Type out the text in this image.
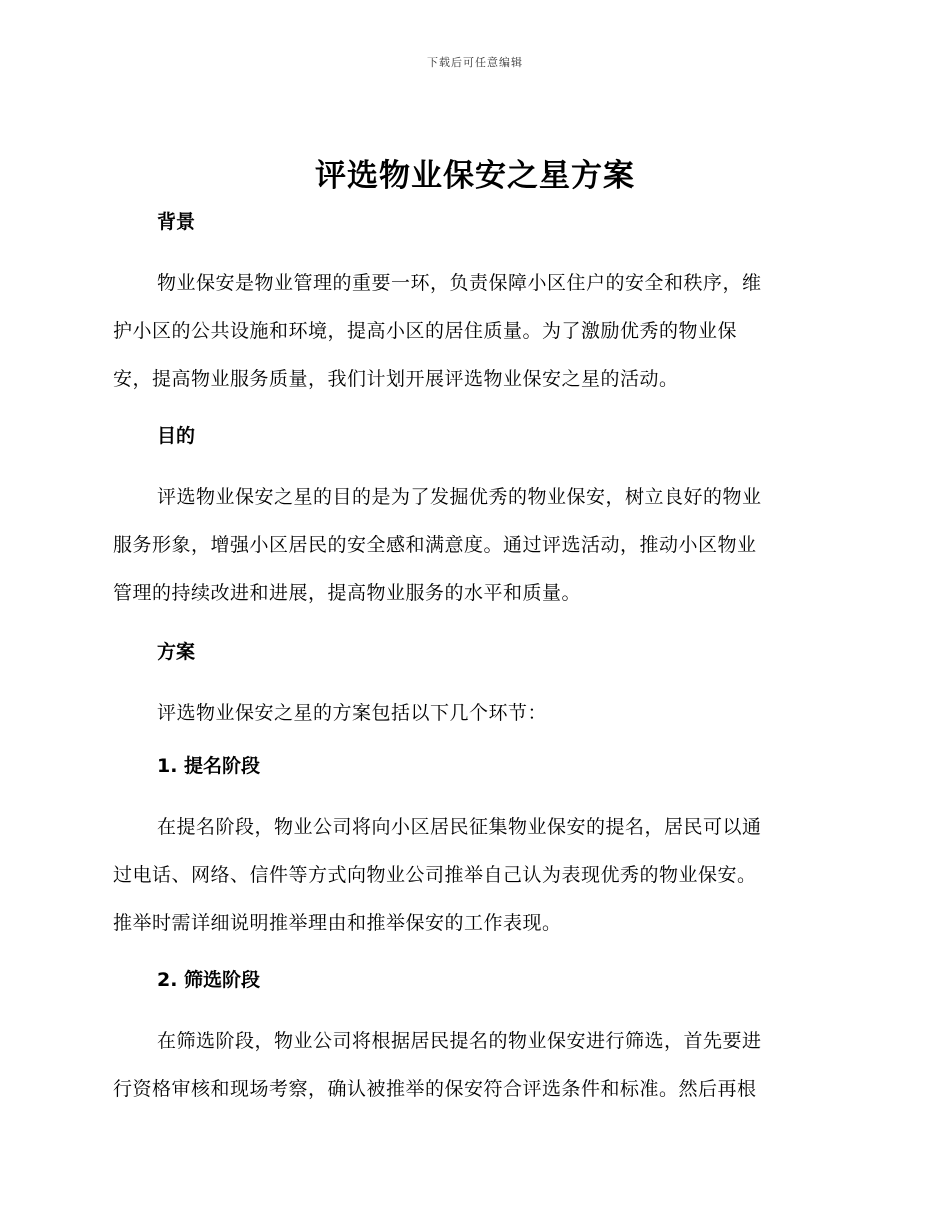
下载后可任意编辑
评选物业保安之星方案
背景
物业保安是物业管理的重要一环，负责保障小区住户的安全和秩序，维
护小区的公共设施和环境，提高小区的居住质量。为了激励优秀的物业保
安，提高物业服务质量，我们计划开展评选物业保安之星的活动。
目的
评选物业保安之星的目的是为了发掘优秀的物业保安，树立良好的物业
服务形象，增强小区居民的安全感和满意度。通过评选活动，推动小区物业
管理的持续改进和进展，提高物业服务的水平和质量。
方案
评选物业保安之星的方案包括以下几个环节：
1. 提名阶段
在提名阶段，物业公司将向小区居民征集物业保安的提名，居民可以通
过电话、网络、信件等方式向物业公司推举自己认为表现优秀的物业保安。
推举时需详细说明推举理由和推举保安的工作表现。
2. 筛选阶段
在筛选阶段，物业公司将根据居民提名的物业保安进行筛选，首先要进
行资格审核和现场考察，确认被推举的保安符合评选条件和标准。然后再根
